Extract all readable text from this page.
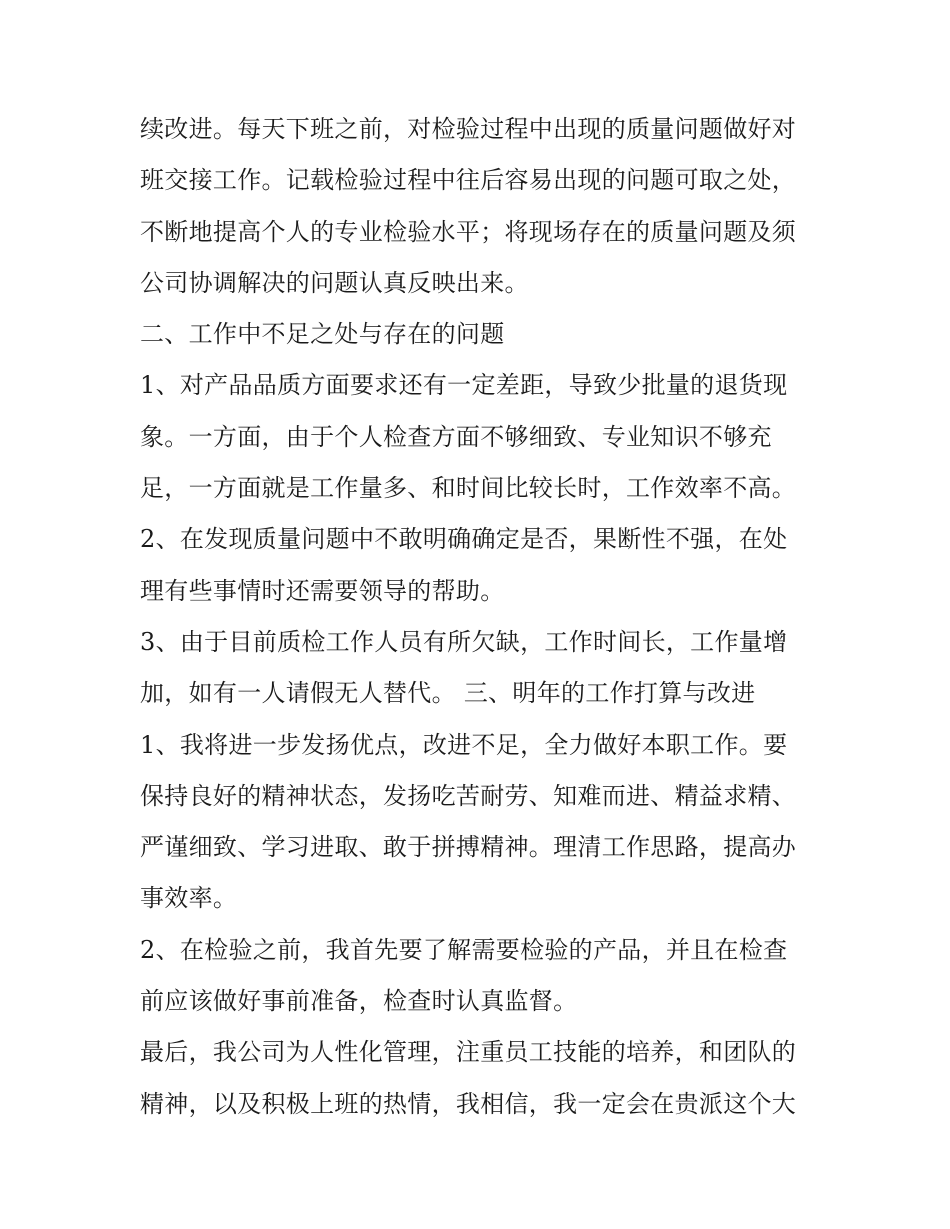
续改进。每天下班之前，对检验过程中出现的质量问题做好对
班交接工作。记载检验过程中往后容易出现的问题可取之处，
不断地提高个人的专业检验水平；将现场存在的质量问题及须
公司协调解决的问题认真反映出来。
二、工作中不足之处与存在的问题
1、对产品品质方面要求还有一定差距，导致少批量的退货现
象。一方面，由于个人检查方面不够细致、专业知识不够充
足，一方面就是工作量多、和时间比较长时，工作效率不高。
2、在发现质量问题中不敢明确确定是否，果断性不强，在处
理有些事情时还需要领导的帮助。
3、由于目前质检工作人员有所欠缺，工作时间长，工作量增
加，如有一人请假无人替代。 三、明年的工作打算与改进
1、我将进一步发扬优点，改进不足，全力做好本职工作。要
保持良好的精神状态，发扬吃苦耐劳、知难而进、精益求精、
严谨细致、学习进取、敢于拼搏精神。理清工作思路，提高办
事效率。
2、在检验之前，我首先要了解需要检验的产品，并且在检查
前应该做好事前准备，检查时认真监督。
最后，我公司为人性化管理，注重员工技能的培养，和团队的
精神，以及积极上班的热情，我相信，我一定会在贵派这个大
